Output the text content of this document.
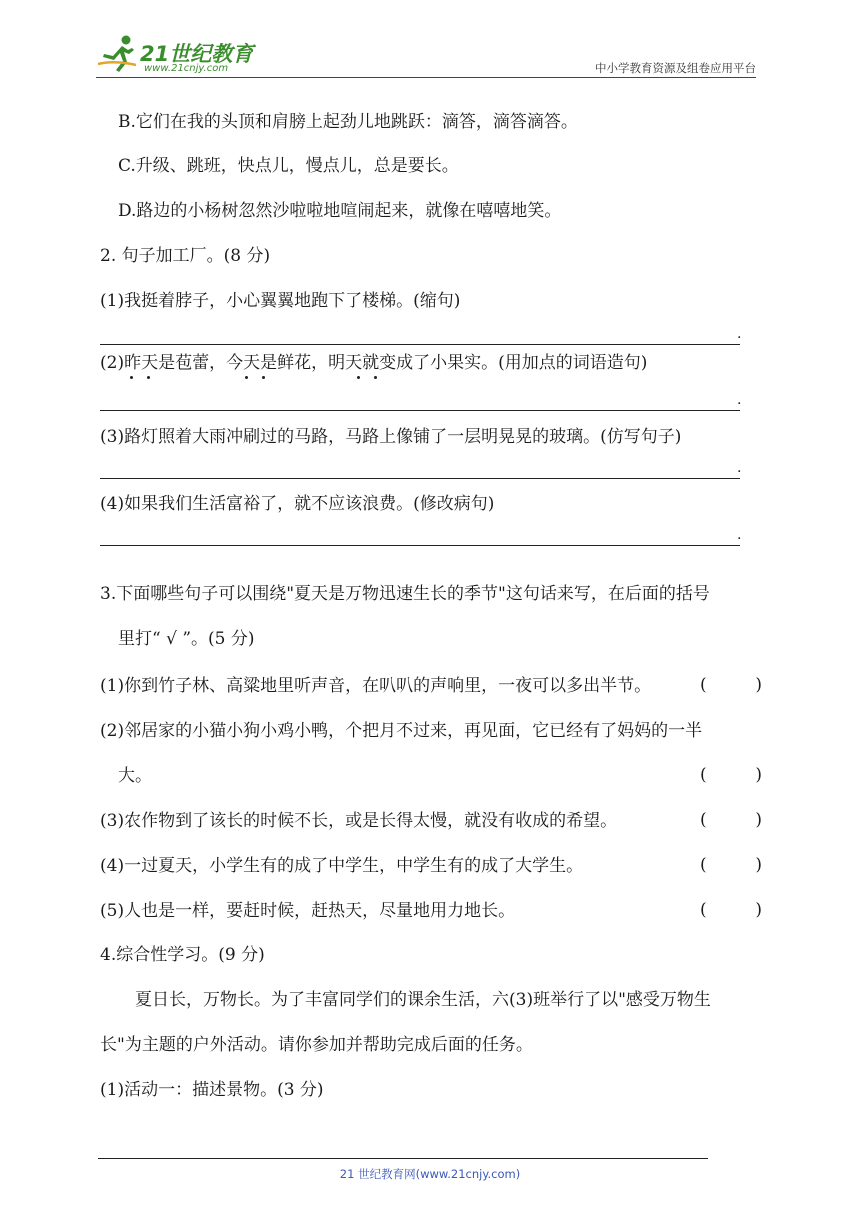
21世纪教育
www.21cnjy.com	中小学教育资源及组卷应用平台
B.它们在我的头顶和肩膀上起劲儿地跳跃：滴答，滴答滴答。
C.升级、跳班，快点儿，慢点儿，总是要长。
D.路边的小杨树忽然沙啦啦地喧闹起来，就像在嘻嘻地笑。
2. 句子加工厂。(8 分)
(1)我挺着脖子，小心翼翼地跑下了楼梯。(缩句)
.
(2)昨天是苞蕾，今天是鲜花，明天就变成了小果实。(用加点的词语造句)
.
(3)路灯照着大雨冲刷过的马路，马路上像铺了一层明晃晃的玻璃。(仿写句子)
.
(4)如果我们生活富裕了，就不应该浪费。(修改病句)
.
3.下面哪些句子可以围绕"夏天是万物迅速生长的季节"这句话来写，在后面的括号
里打“ √ ”。(5 分)
(1)你到竹子林、高粱地里听声音，在叭叭的声响里，一夜可以多出半节。	(	)
(2)邻居家的小猫小狗小鸡小鸭，个把月不过来，再见面，它已经有了妈妈的一半
大。	(	)
(3)农作物到了该长的时候不长，或是长得太慢，就没有收成的希望。	(	)
(4)一过夏天，小学生有的成了中学生，中学生有的成了大学生。	(	)
(5)人也是一样，要赶时候，赶热天，尽量地用力地长。	(	)
4.综合性学习。(9 分)
夏日长，万物长。为了丰富同学们的课余生活，六(3)班举行了以"感受万物生
长"为主题的户外活动。请你参加并帮助完成后面的任务。
(1)活动一：描述景物。(3 分)
21 世纪教育网(www.21cnjy.com)
